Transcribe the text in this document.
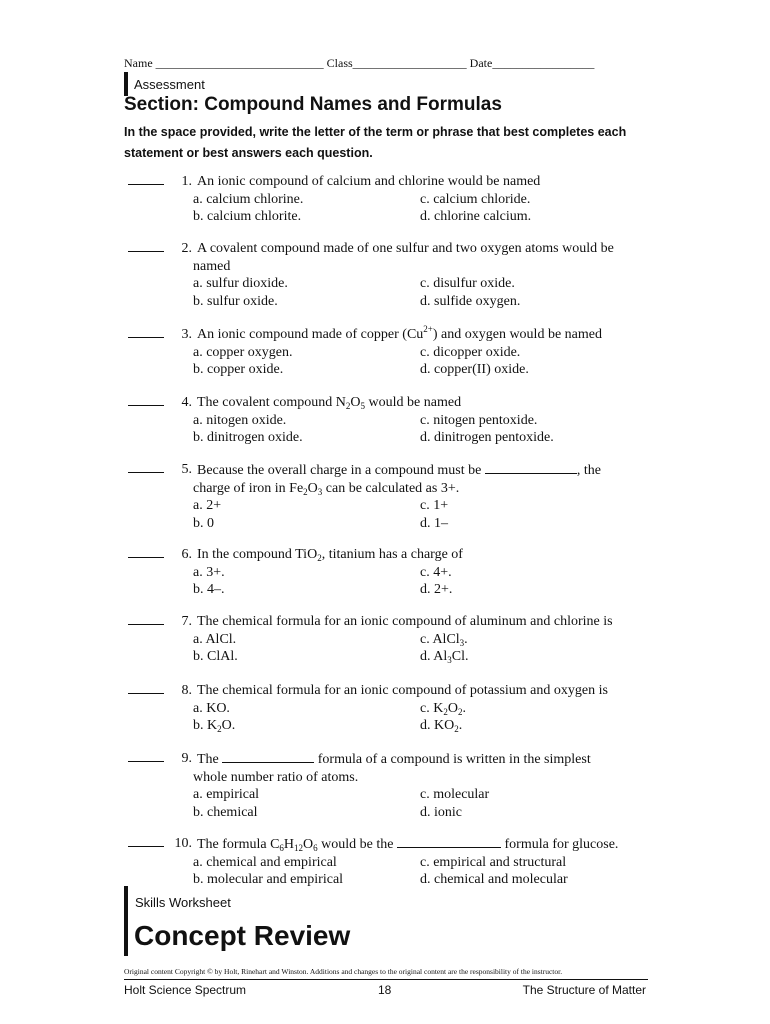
Name ____________________________ Class___________________ Date_________________
Assessment
Section: Compound Names and Formulas
In the space provided, write the letter of the term or phrase that best completes each statement or best answers each question.
1. An ionic compound of calcium and chlorine would be named
a. calcium chlorine.	c. calcium chloride.
b. calcium chlorite.	d. chlorine calcium.
2. A covalent compound made of one sulfur and two oxygen atoms would be
named
a. sulfur dioxide.	c. disulfur oxide.
b. sulfur oxide.	d. sulfide oxygen.
3. An ionic compound made of copper $(Cu^{2+})$ and oxygen would be named
a. copper oxygen.	c. dicopper oxide.
b. copper oxide.	d. copper(II) oxide.
4. The covalent compound $N_2O_5$ would be named
a. nitogen oxide.	c. nitogen pentoxide.
b. dinitrogen oxide.	d. dinitrogen pentoxide.
5. Because the overall charge in a compound must be	, the
charge of iron in $Fe_2O_3$ can be calculated as 3+.
a. 2+	c. 1+
b. 0	d. 1–
6. In the compound TiO$_2$, titanium has a charge of
a. 3+.	c. 4+.
b. 4–.	d. 2+.
7. The chemical formula for an ionic compound of aluminum and chlorine is
a. AlCl.	c. AlCl$_3$.
b. ClAl.	d. $Al_3Cl$.
8. The chemical formula for an ionic compound of potassium and oxygen is
a. KO.	c. $K_2O_2$.
b. $K_2O$.	d. $KO_2$.
9. The	formula of a compound is written in the simplest
whole number ratio of atoms.
a. empirical	c. molecular
b. chemical	d. ionic
10. The formula $C_6H_{12}O_6$ would be the	formula for glucose.
a. chemical and empirical	c. empirical and structural
b. molecular and empirical	d. chemical and molecular
Skills Worksheet
Concept Review
Original content Copyright © by Holt, Rinehart and Winston. Additions and changes to the original content are the responsibility of the instructor.
Holt Science Spectrum	18	The Structure of Matter
